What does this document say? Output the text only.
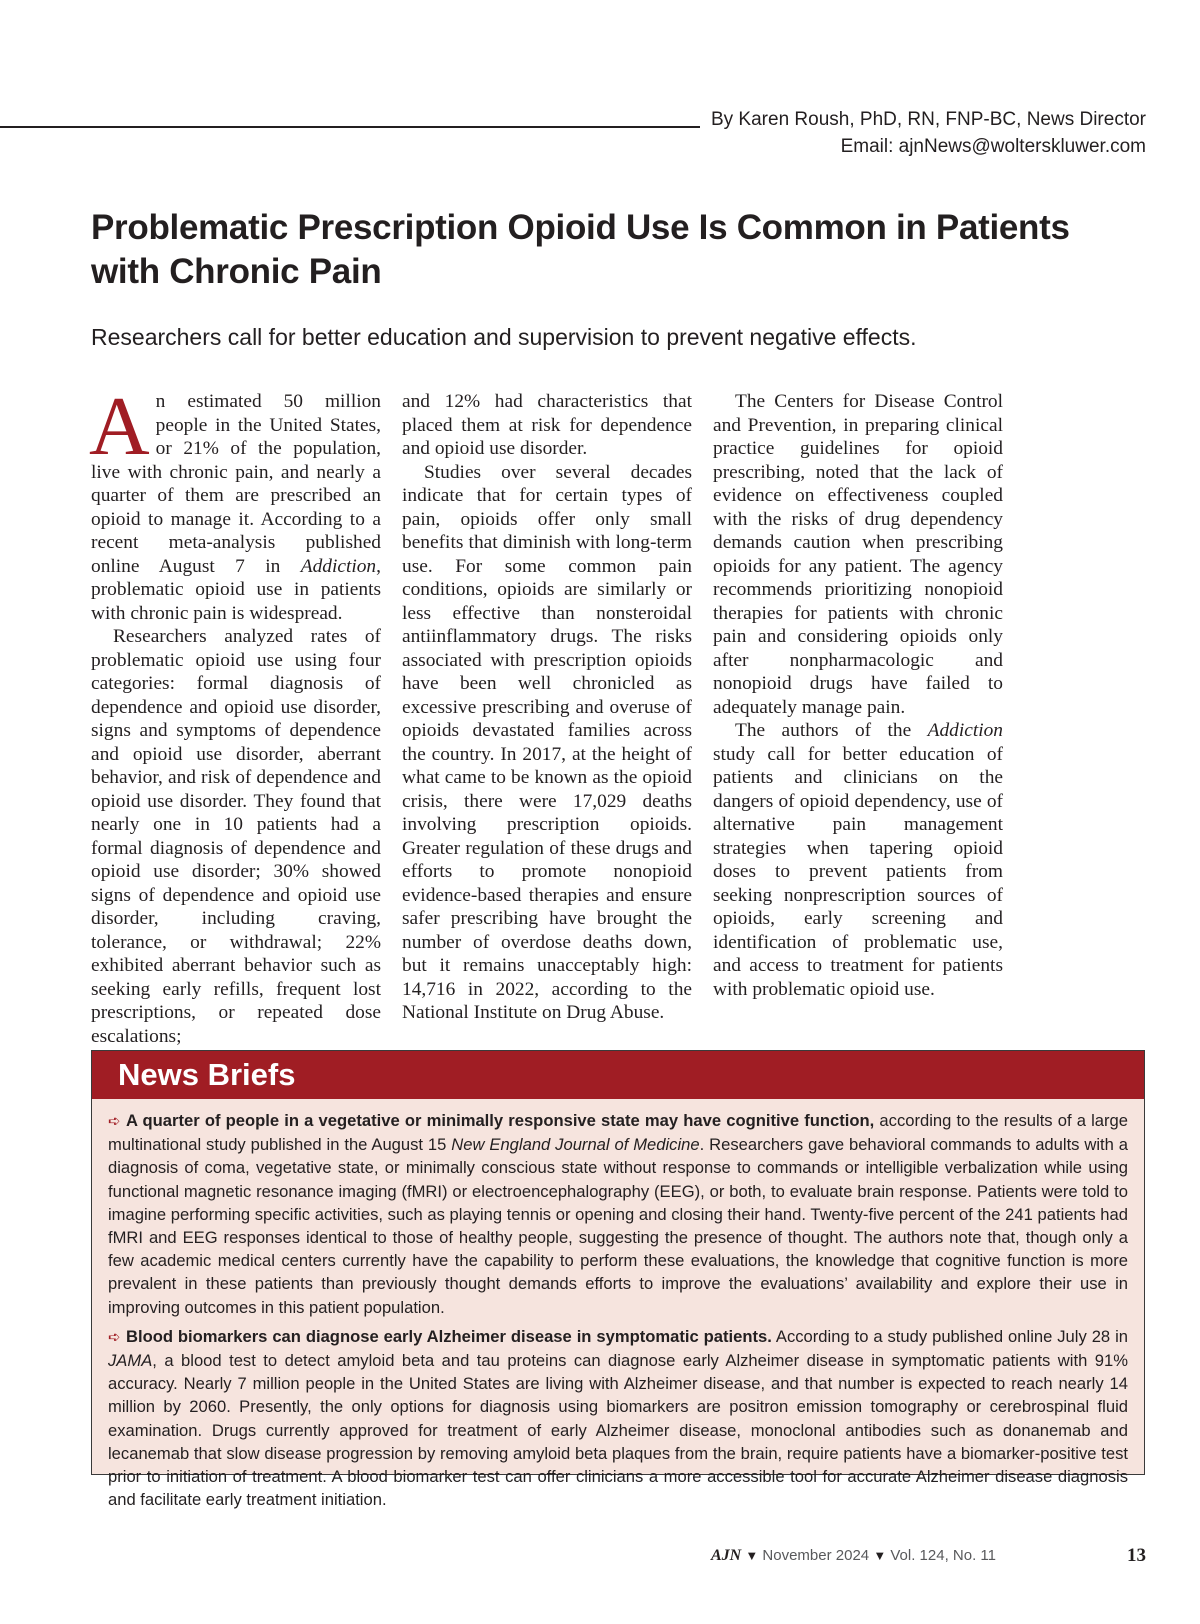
By Karen Roush, PhD, RN, FNP-BC, News Director
Email: ajnNews@wolterskluwer.com
Problematic Prescription Opioid Use Is Common in Patients with Chronic Pain
Researchers call for better education and supervision to prevent negative effects.

An estimated 50 million people in the United States, or 21% of the population, live with chronic pain, and nearly a quarter of them are prescribed an opioid to manage it. According to a recent meta-analysis published online August 7 in Addiction, problematic opioid use in patients with chronic pain is widespread.

Researchers analyzed rates of problematic opioid use using four categories: formal diagnosis of dependence and opioid use disorder, signs and symptoms of dependence and opioid use disorder, aberrant behavior, and risk of dependence and opioid use disorder. They found that nearly one in 10 patients had a formal diagnosis of dependence and opioid use disorder; 30% showed signs of dependence and opioid use disorder, including craving, tolerance, or withdrawal; 22% exhibited aberrant behavior such as seeking early refills, frequent lost prescriptions, or repeated dose escalations;

and 12% had characteristics that placed them at risk for dependence and opioid use disorder.

Studies over several decades indicate that for certain types of pain, opioids offer only small benefits that diminish with long-term use. For some common pain conditions, opioids are similarly or less effective than nonsteroidal antiinflammatory drugs. The risks associated with prescription opioids have been well chronicled as excessive prescribing and overuse of opioids devastated families across the country. In 2017, at the height of what came to be known as the opioid crisis, there were 17,029 deaths involving prescription opioids. Greater regulation of these drugs and efforts to promote nonopioid evidence-based therapies and ensure safer prescribing have brought the number of overdose deaths down, but it remains unacceptably high: 14,716 in 2022, according to the National Institute on Drug Abuse.

The Centers for Disease Control and Prevention, in preparing clinical practice guidelines for opioid prescribing, noted that the lack of evidence on effectiveness coupled with the risks of drug dependency demands caution when prescribing opioids for any patient. The agency recommends prioritizing nonopioid therapies for patients with chronic pain and considering opioids only after nonpharmacologic and nonopioid drugs have failed to adequately manage pain.

The authors of the Addiction study call for better education of patients and clinicians on the dangers of opioid dependency, use of alternative pain management strategies when tapering opioid doses to prevent patients from seeking nonprescription sources of opioids, early screening and identification of problematic use, and access to treatment for patients with problematic opioid use.

News Briefs

➪ A quarter of people in a vegetative or minimally responsive state may have cognitive function, according to the results of a large multinational study published in the August 15 New England Journal of Medicine. Researchers gave behavioral commands to adults with a diagnosis of coma, vegetative state, or minimally conscious state without response to commands or intelligible verbalization while using functional magnetic resonance imaging (fMRI) or electroencephalography (EEG), or both, to evaluate brain response. Patients were told to imagine performing specific activities, such as playing tennis or opening and closing their hand. Twenty-five percent of the 241 patients had fMRI and EEG responses identical to those of healthy people, suggesting the presence of thought. The authors note that, though only a few academic medical centers currently have the capability to perform these evaluations, the knowledge that cognitive function is more prevalent in these patients than previously thought demands efforts to improve the evaluations’ availability and explore their use in improving outcomes in this patient population.

➪ Blood biomarkers can diagnose early Alzheimer disease in symptomatic patients. According to a study published online July 28 in JAMA, a blood test to detect amyloid beta and tau proteins can diagnose early Alzheimer disease in symptomatic patients with 91% accuracy. Nearly 7 million people in the United States are living with Alzheimer disease, and that number is expected to reach nearly 14 million by 2060. Presently, the only options for diagnosis using biomarkers are positron emission tomography or cerebrospinal fluid examination. Drugs currently approved for treatment of early Alzheimer disease, monoclonal antibodies such as donanemab and lecanemab that slow disease progression by removing amyloid beta plaques from the brain, require patients have a biomarker-positive test prior to initiation of treatment. A blood biomarker test can offer clinicians a more accessible tool for accurate Alzheimer disease diagnosis and facilitate early treatment initiation.

AJN ▼ November 2024 ▼ Vol. 124, No. 11	13
